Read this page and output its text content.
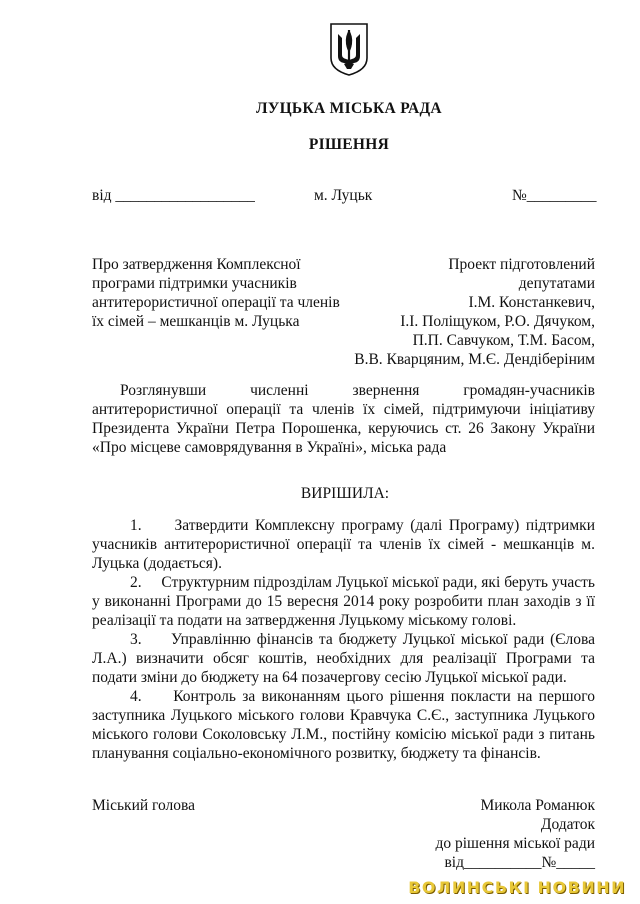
ЛУЦЬКА МІСЬКА РАДА
РІШЕННЯ
від __________________	м. Луцьк	№_________
Про затвердження Комплексної
програми підтримки учасників
антитерористичної операції та членів
їх сімей – мешканців м. Луцька
Проект підготовлений
депутатами
І.М. Констанкевич,
І.І. Поліщуком, Р.О. Дячуком,
П.П. Савчуком, Т.М. Басом,
В.В. Кварцяним, М.Є. Дендіберіним
Розглянувши численні звернення громадян-учасників антитерористичної операції та членів їх сімей, підтримуючи ініціативу Президента України Петра Порошенка, керуючись ст. 26 Закону України «Про місцеве самоврядування в Україні», міська рада
ВИРІШИЛА:
1. Затвердити Комплексну програму (далі Програму) підтримки учасників антитерористичної операції та членів їх сімей - мешканців м. Луцька (додається).
2. Структурним підрозділам Луцької міської ради, які беруть участь у виконанні Програми до 15 вересня 2014 року розробити план заходів з її реалізації та подати на затвердження Луцькому міському голові.
3. Управлінню фінансів та бюджету Луцької міської ради (Єлова Л.А.) визначити обсяг коштів, необхідних для реалізації Програми та подати зміни до бюджету на 64 позачергову сесію Луцької міської ради.
4. Контроль за виконанням цього рішення покласти на першого заступника Луцького міського голови Кравчука С.Є., заступника Луцького міського голови Соколовську Л.М., постійну комісію міської ради з питань планування соціально-економічного розвитку, бюджету та фінансів.
Міський голова	Микола Романюк
Додаток
до рішення міської ради
від__________№_____
ВОЛИНСЬКІ НОВИНИ
